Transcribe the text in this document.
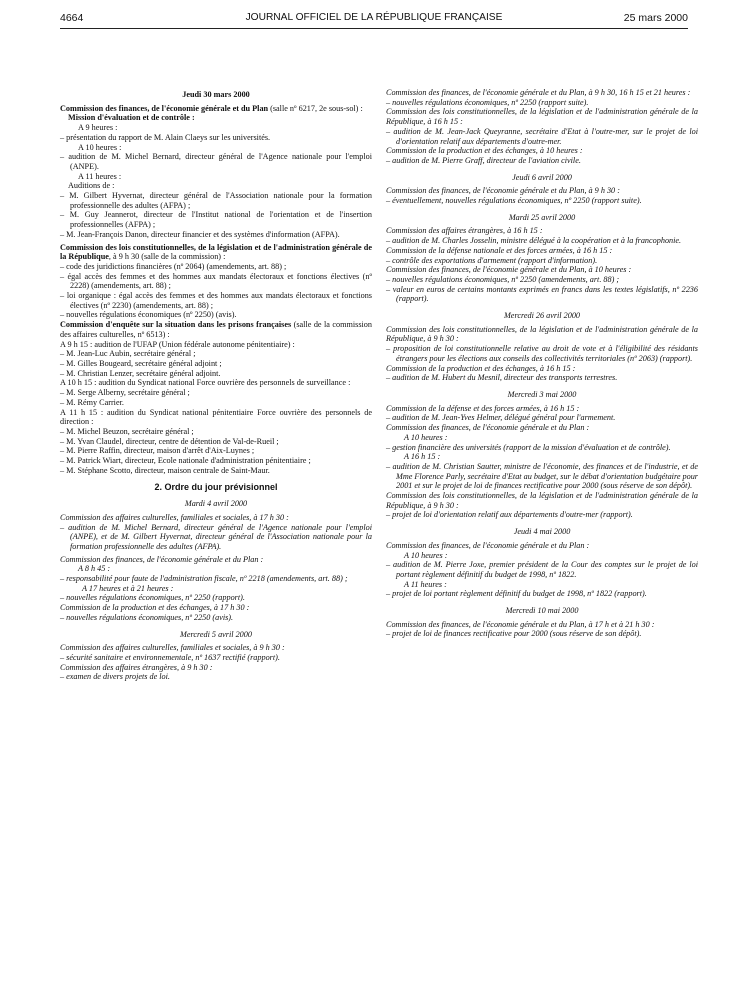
4664	JOURNAL OFFICIEL DE LA RÉPUBLIQUE FRANÇAISE	25 mars 2000
Jeudi 30 mars 2000

Commission des finances, de l'économie générale et du Plan (salle nº 6217, 2e sous-sol) :

Mission d'évaluation et de contrôle :

A 9 heures :

– présentation du rapport de M. Alain Claeys sur les universités.

A 10 heures :

– audition de M. Michel Bernard, directeur général de l'Agence nationale pour l'emploi (ANPE).

A 11 heures :

Auditions de :

– M. Gilbert Hyvernat, directeur général de l'Association nationale pour la formation professionnelle des adultes (AFPA) ;

– M. Guy Jeannerot, directeur de l'Institut national de l'orientation et de l'insertion professionnelles (AFPA) ;

– M. Jean-François Danon, directeur financier et des systèmes d'information (AFPA).

Commission des lois constitutionnelles, de la législation et de l'administration générale de la République, à 9 h 30 (salle de la commission) :

– code des juridictions financières (nº 2064) (amendements, art. 88) ;

– égal accès des femmes et des hommes aux mandats électoraux et fonctions électives (nº 2228) (amendements, art. 88) ;

– loi organique : égal accès des femmes et des hommes aux mandats électoraux et fonctions électives (nº 2230) (amendements, art. 88) ;

– nouvelles régulations économiques (nº 2250) (avis).

Commission d'enquête sur la situation dans les prisons françaises (salle de la commission des affaires culturelles, nº 6513) :

A 9 h 15 : audition de l'UFAP (Union fédérale autonome pénitentiaire) :

– M. Jean-Luc Aubin, secrétaire général ;

– M. Gilles Bougeard, secrétaire général adjoint ;

– M. Christian Lenzer, secrétaire général adjoint.

A 10 h 15 : audition du Syndicat national Force ouvrière des personnels de surveillance :

– M. Serge Alberny, secrétaire général ;

– M. Rémy Carrier.

A 11 h 15 : audition du Syndicat national pénitentiaire Force ouvrière des personnels de direction :

– M. Michel Beuzon, secrétaire général ;

– M. Yvan Claudel, directeur, centre de détention de Val-de-Rueil ;

– M. Pierre Raffin, directeur, maison d'arrêt d'Aix-Luynes ;

– M. Patrick Wiart, directeur, Ecole nationale d'administration pénitentiaire ;

– M. Stéphane Scotto, directeur, maison centrale de Saint-Maur.

2. Ordre du jour prévisionnel
Mardi 4 avril 2000

Commission des affaires culturelles, familiales et sociales, à 17 h 30 :

– audition de M. Michel Bernard, directeur général de l'Agence nationale pour l'emploi (ANPE), et de M. Gilbert Hyvernat, directeur général de l'Association nationale pour la formation professionnelle des adultes (AFPA).

Commission des finances, de l'économie générale et du Plan :

A 8 h 45 :

– responsabilité pour faute de l'administration fiscale, nº 2218 (amendements, art. 88) ;

A 17 heures et à 21 heures :

– nouvelles régulations économiques, nº 2250 (rapport).

Commission de la production et des échanges, à 17 h 30 :

– nouvelles régulations économiques, nº 2250 (avis).

Mercredi 5 avril 2000

Commission des affaires culturelles, familiales et sociales, à 9 h 30 :

– sécurité sanitaire et environnementale, nº 1637 rectifié (rapport).

Commission des affaires étrangères, à 9 h 30 :

– examen de divers projets de loi.

Commission des finances, de l'économie générale et du Plan, à 9 h 30, 16 h 15 et 21 heures :

– nouvelles régulations économiques, nº 2250 (rapport suite).

Commission des lois constitutionnelles, de la législation et de l'administration générale de la République, à 16 h 15 :

– audition de M. Jean-Jack Queyranne, secrétaire d'Etat à l'outre-mer, sur le projet de loi d'orientation relatif aux départements d'outre-mer.

Commission de la production et des échanges, à 10 heures :

– audition de M. Pierre Graff, directeur de l'aviation civile.

Jeudi 6 avril 2000

Commission des finances, de l'économie générale et du Plan, à 9 h 30 :

– éventuellement, nouvelles régulations économiques, nº 2250 (rapport suite).

Mardi 25 avril 2000

Commission des affaires étrangères, à 16 h 15 :

– audition de M. Charles Josselin, ministre délégué à la coopération et à la francophonie.

Commission de la défense nationale et des forces armées, à 16 h 15 :

– contrôle des exportations d'armement (rapport d'information).

Commission des finances, de l'économie générale et du Plan, à 10 heures :

– nouvelles régulations économiques, nº 2250 (amendements, art. 88) ;

– valeur en euros de certains montants exprimés en francs dans les textes législatifs, nº 2236 (rapport).

Mercredi 26 avril 2000

Commission des lois constitutionnelles, de la législation et de l'administration générale de la République, à 9 h 30 :

– proposition de loi constitutionnelle relative au droit de vote et à l'éligibilité des résidants étrangers pour les élections aux conseils des collectivités territoriales (nº 2063) (rapport).

Commission de la production et des échanges, à 16 h 15 :

– audition de M. Hubert du Mesnil, directeur des transports terrestres.

Mercredi 3 mai 2000

Commission de la défense et des forces armées, à 16 h 15 :

– audition de M. Jean-Yves Helmer, délégué général pour l'armement.

Commission des finances, de l'économie générale et du Plan :

A 10 heures :

– gestion financière des universités (rapport de la mission d'évaluation et de contrôle).

A 16 h 15 :

– audition de M. Christian Sautter, ministre de l'économie, des finances et de l'industrie, et de Mme Florence Parly, secrétaire d'Etat au budget, sur le débat d'orientation budgétaire pour 2001 et sur le projet de loi de finances rectificative pour 2000 (sous réserve de son dépôt).

Commission des lois constitutionnelles, de la législation et de l'administration générale de la République, à 9 h 30 :

– projet de loi d'orientation relatif aux départements d'outre-mer (rapport).

Jeudi 4 mai 2000

Commission des finances, de l'économie générale et du Plan :

A 10 heures :

– audition de M. Pierre Joxe, premier président de la Cour des comptes sur le projet de loi portant règlement définitif du budget de 1998, nº 1822.

A 11 heures :

– projet de loi portant règlement définitif du budget de 1998, nº 1822 (rapport).

Mercredi 10 mai 2000

Commission des finances, de l'économie générale et du Plan, à 17 h et à 21 h 30 :

– projet de loi de finances rectificative pour 2000 (sous réserve de son dépôt).
